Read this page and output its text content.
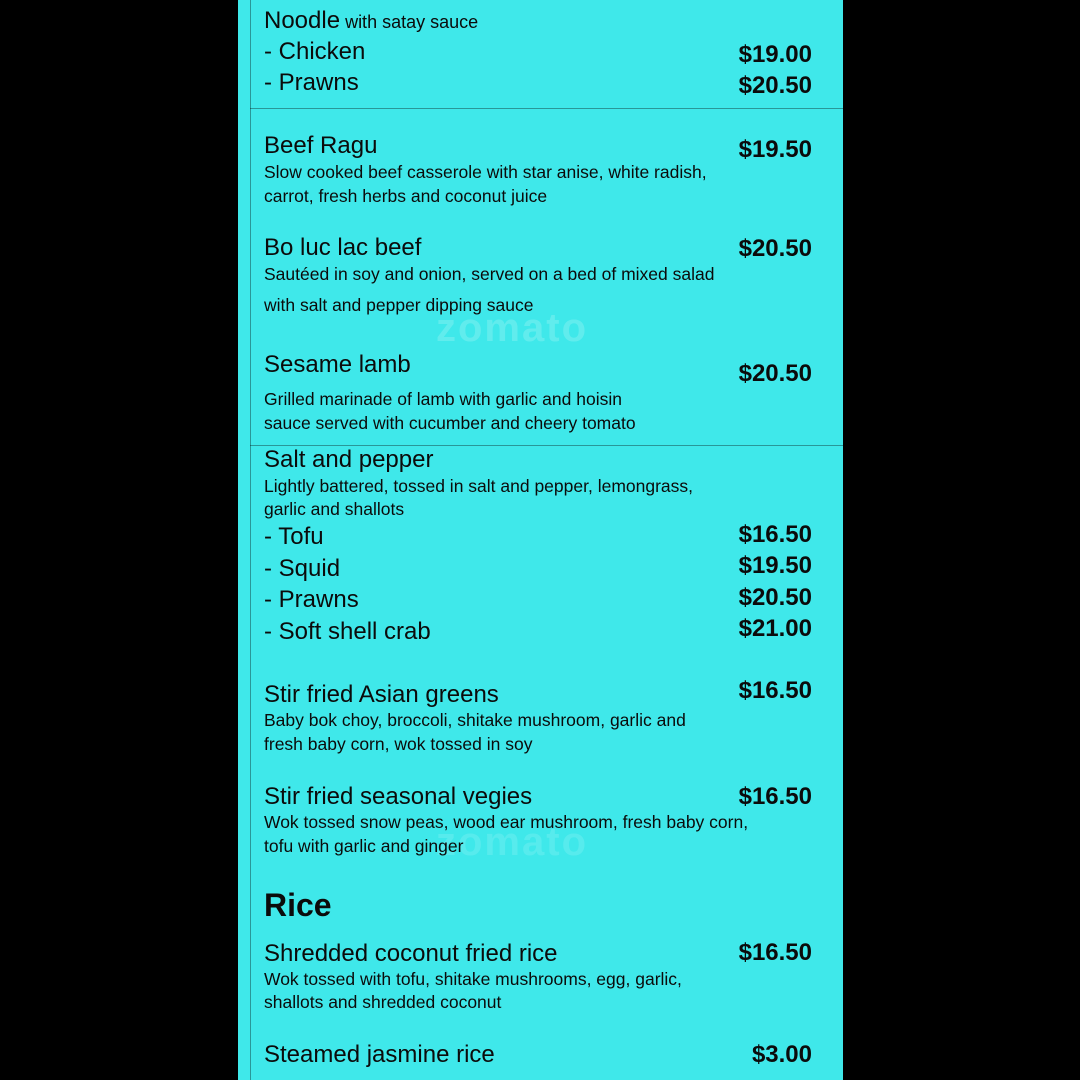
zomato
zomato
Noodle with satay sauce
- Chicken	$19.00
- Prawns	$20.50
Beef Ragu	$19.50
Slow cooked beef casserole with star anise, white radish,
carrot, fresh herbs and coconut juice
Bo luc lac beef	$20.50
Sautéed in soy and onion, served on a bed of mixed salad
with salt and pepper dipping sauce
Sesame lamb	$20.50
Grilled marinade of lamb with garlic and hoisin
sauce served with cucumber and cheery tomato
Salt and pepper
Lightly battered, tossed in salt and pepper, lemongrass,
garlic and shallots
- Tofu	$16.50
- Squid	$19.50
- Prawns	$20.50
- Soft shell crab	$21.00
Stir fried Asian greens	$16.50
Baby bok choy, broccoli, shitake mushroom, garlic and
fresh baby corn, wok tossed in soy
Stir fried seasonal vegies	$16.50
Wok tossed snow peas, wood ear mushroom, fresh baby corn,
tofu with garlic and ginger
Rice
Shredded coconut fried rice	$16.50
Wok tossed with tofu, shitake mushrooms, egg, garlic,
shallots and shredded coconut
Steamed jasmine rice	$3.00
